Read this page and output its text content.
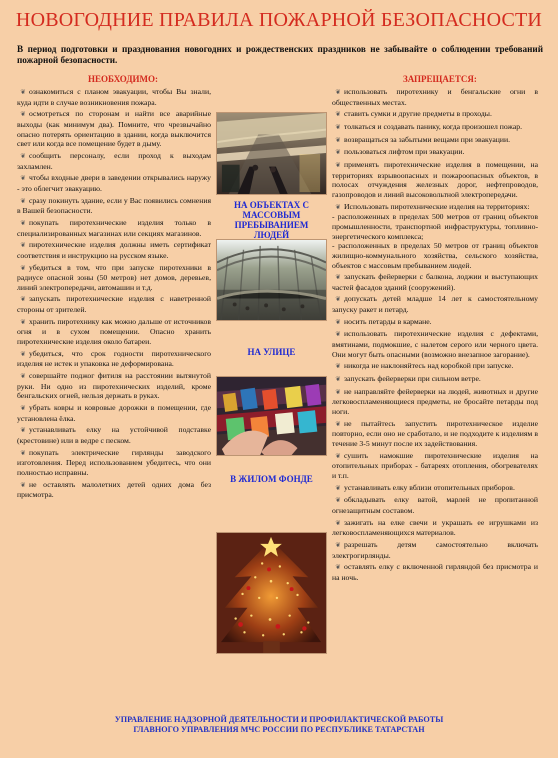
НОВОГОДНИЕ ПРАВИЛА ПОЖАРНОЙ БЕЗОПАСНОСТИ

В период подготовки и празднования новогодних и рождественских праздников не забывайте о соблюдении требований пожарной безопасности.

НЕОБХОДИМО:	ЗАПРЕЩАЕТСЯ:

❦ ознакомиться с планом эвакуации, чтобы Вы знали, куда идти в случае возникновения пожара.
❦ осмотреться по сторонам и найти все аварийные выходы (как минимум два). Помните, что чрезвычайно опасно потерять ориентацию в здании, когда выключится свет или когда все помещение будет в дыму.
❦ сообщить персоналу, если проход к выходам захламлен.
❦ чтобы входные двери в заведении открывались наружу - это облегчит эвакуацию.
❦ сразу покинуть здание, если у Вас появились сомнения в Вашей безопасности.
❦ покупать пиротехнические изделия только в специализированных магазинах или секциях магазинов.
❦ пиротехнические изделия должны иметь сертификат соответствия и инструкцию на русском языке.
❦ убедиться в том, что при запуске пиротехники в радиусе опасной зоны (50 метров) нет домов, деревьев, линий электропередачи, автомашин и т.д.
❦ запускать пиротехнические изделия с наветренной стороны от зрителей.
❦ хранить пиротехнику как можно дальше от источников огня и в сухом помещении. Опасно хранить пиротехнические изделия около батареи.
❦ убедиться, что срок годности пиротехнического изделия не истек и упаковка не деформирована.
❦ совершайте поджог фитиля на расстоянии вытянутой руки. Ни одно из пиротехнических изделий, кроме бенгальских огней, нельзя держать в руках.
❦ убрать ковры и ковровые дорожки в помещении, где установлена ёлка.
❦ устанавливать елку на устойчивой подставке (крестовине) или в ведре с песком.
❦ покупать электрические гирлянды заводского изготовления. Перед использованием убедитесь, что они полностью исправны.
❦ не оставлять малолетних детей одних дома без присмотра.
❦ использовать пиротехнику и бенгальские огни в общественных местах.
❦ ставить сумки и другие предметы в проходы.
❦ толкаться и создавать панику, когда произошел пожар.
❦ возвращаться за забытыми вещами при эвакуации.
❦ пользоваться лифтом при эвакуации.
❦ применять пиротехнические изделия в помещении, на территориях взрывоопасных и пожароопасных объектов, в полосах отчуждения железных дорог, нефтепроводов, газопроводов и линий высоковольтной электропередачи.
❦ Использовать пиротехнические изделия на территориях:
- расположенных в пределах 500 метров от границ объектов промышленности, транспортной инфраструктуры, топливно-энергетического комплекса;
- расположенных в пределах 50 метров от границ объектов жилищно-коммунального хозяйства, сельского хозяйства, объектов с массовым пребыванием людей.
❦ запускать фейерверки с балкона, лоджии и выступающих частей фасадов зданий (сооружений).
❦ допускать детей младше 14 лет к самостоятельному запуску ракет и петард.
❦ носить петарды в кармане.
❦ использовать пиротехнические изделия с дефектами, вмятинами, подмокшие, с налетом серого или черного цвета. Они могут быть опасными (возможно внезапное загорание).
❦ никогда не наклоняйтесь над коробкой при запуске.
❦ запускать фейерверки при сильном ветре.
❦ не направляйте фейерверки на людей, животных и другие легковоспламеняющиеся предметы, не бросайте петарды под ноги.
❦ не пытайтесь запустить пиротехническое изделие повторно, если оно не сработало, и не подходите к изделиям в течение 3-5 минут после их задействования.
❦ сушить намокшие пиротехнические изделия на отопительных приборах - батареях отопления, обогревателях и т.п.
❦ устанавливать елку вблизи отопительных приборов.
❦ обкладывать елку ватой, марлей не пропитанной огнезащитным составом.
❦ зажигать на елке свечи и украшать ее игрушками из легковоспламеняющихся материалов.
❦ разрешать детям самостоятельно включать электрогирлянды.
❦ оставлять елку с включенной гирляндой без присмотра и на ночь.

НА ОБЪЕКТАХ С МАССОВЫМ ПРЕБЫВАНИЕМ ЛЮДЕЙ

НА УЛИЦЕ

В ЖИЛОМ ФОНДЕ

УПРАВЛЕНИЕ НАДЗОРНОЙ ДЕЯТЕЛЬНОСТИ И ПРОФИЛАКТИЧЕСКОЙ РАБОТЫ
ГЛАВНОГО УПРАВЛЕНИЯ МЧС РОССИИ ПО РЕСПУБЛИКЕ ТАТАРСТАН
